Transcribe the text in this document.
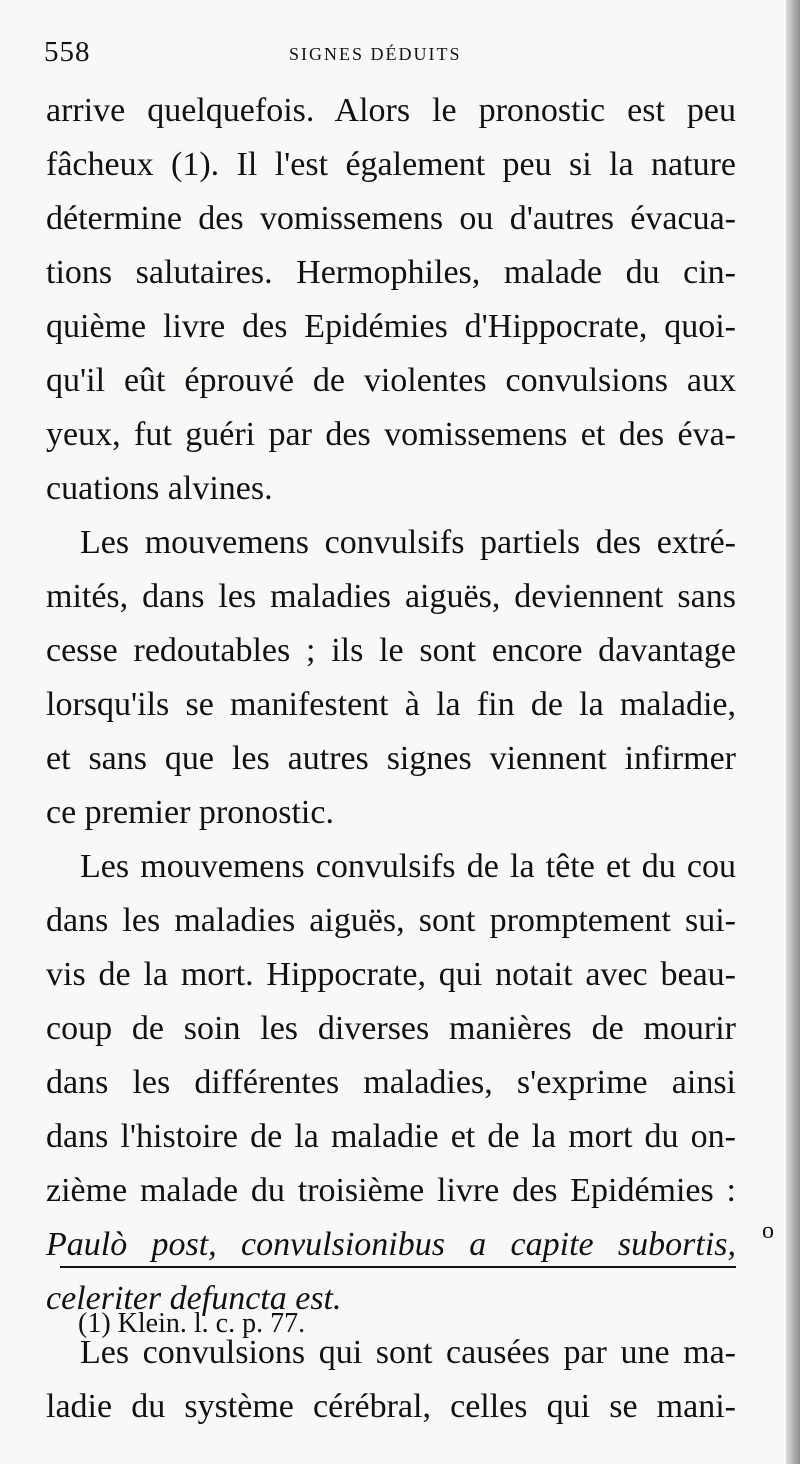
558	SIGNES DÉDUITS
arrive quelquefois. Alors le pronostic est peu
fâcheux (1). Il l'est également peu si la nature
détermine des vomissemens ou d'autres évacua-
tions salutaires. Hermophiles, malade du cin-
quième livre des Epidémies d'Hippocrate, quoi-
qu'il eût éprouvé de violentes convulsions aux
yeux, fut guéri par des vomissemens et des éva-
cuations alvines.
Les mouvemens convulsifs partiels des extré-
mités, dans les maladies aiguës, deviennent sans
cesse redoutables ; ils le sont encore davantage
lorsqu'ils se manifestent à la fin de la maladie,
et sans que les autres signes viennent infirmer
ce premier pronostic.
Les mouvemens convulsifs de la tête et du cou
dans les maladies aiguës, sont promptement sui-
vis de la mort. Hippocrate, qui notait avec beau-
coup de soin les diverses manières de mourir
dans les différentes maladies, s'exprime ainsi
dans l'histoire de la maladie et de la mort du on-
zième malade du troisième livre des Epidémies :
Paulò post, convulsionibus a capite subortis,
celeriter defuncta est.
Les convulsions qui sont causées par une ma-
ladie du système cérébral, celles qui se mani-
o
(1) Klein. l. c. p. 77.
